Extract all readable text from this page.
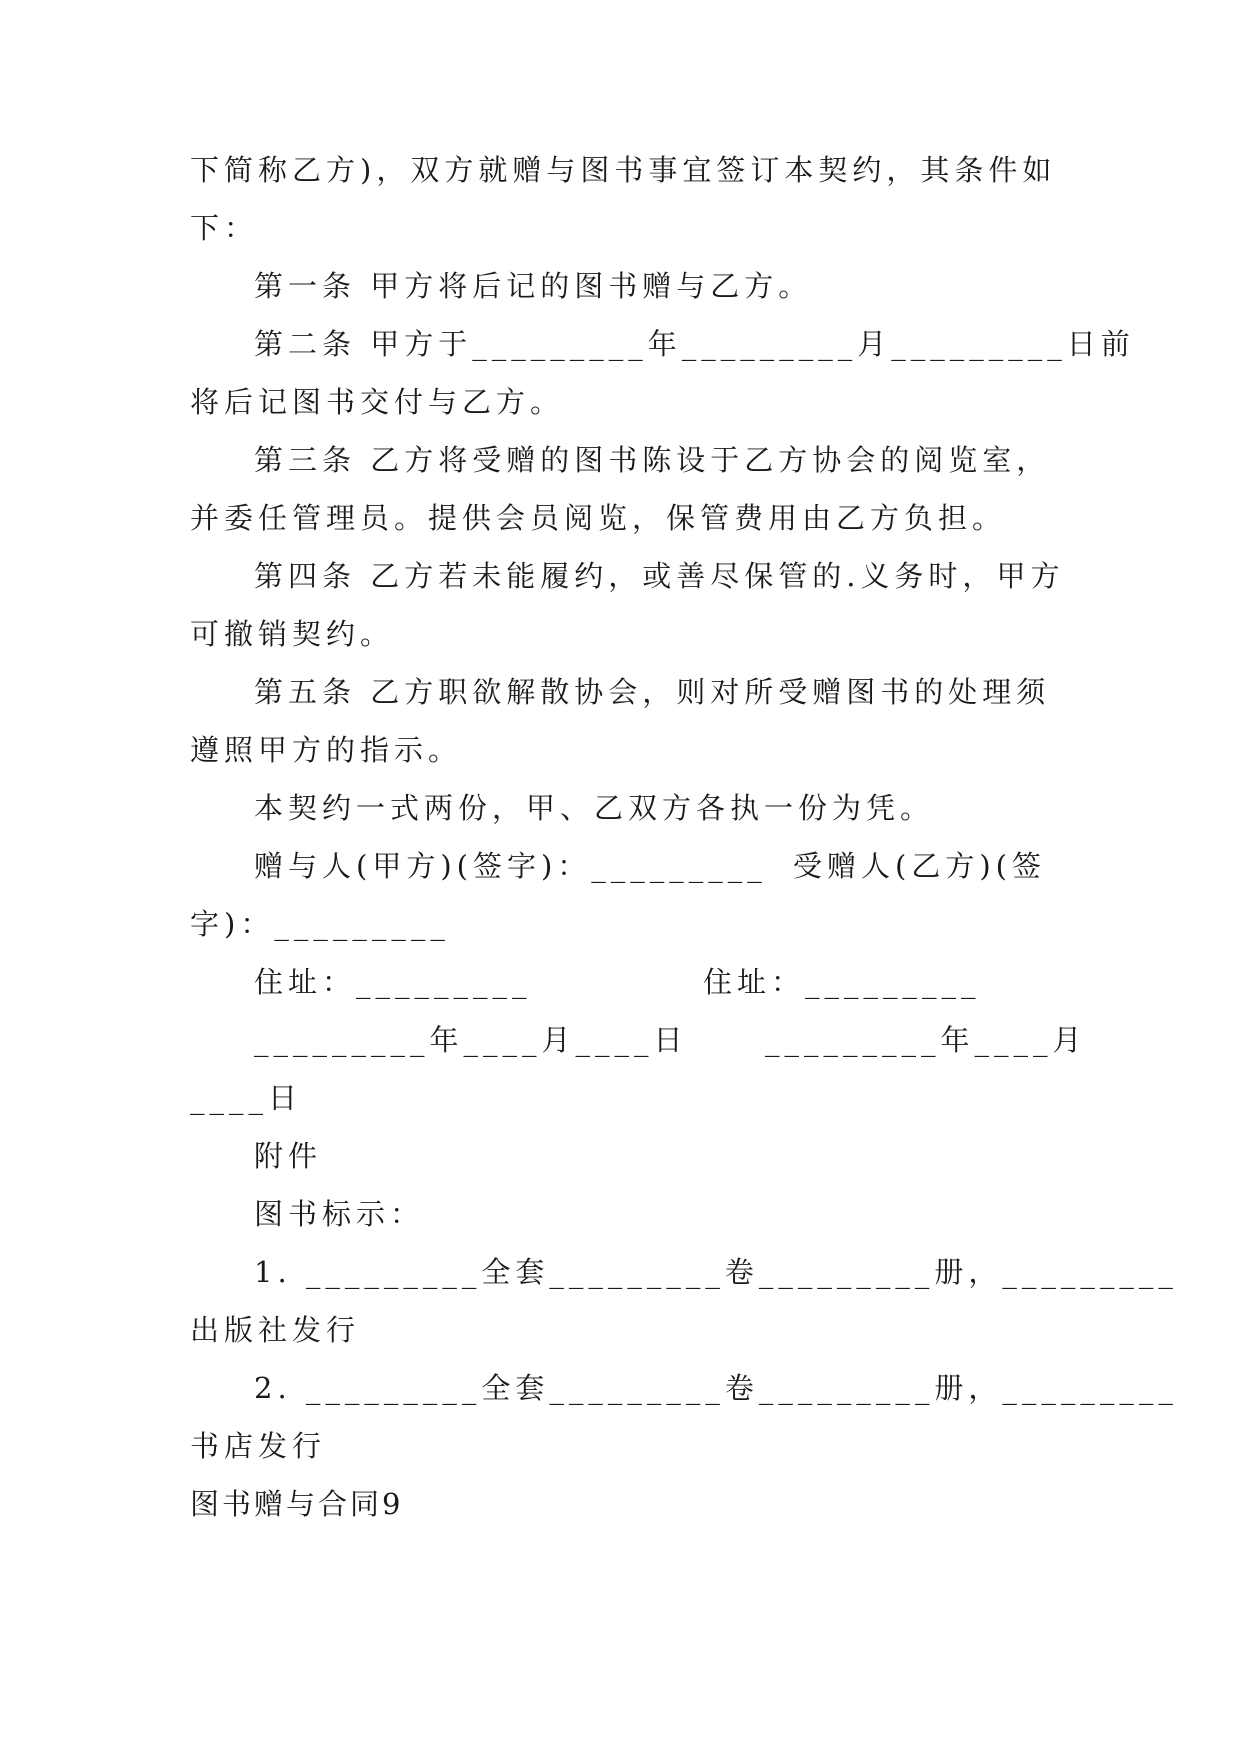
下简称乙方)，双方就赠与图书事宜签订本契约，其条件如
下：
第一条 甲方将后记的图书赠与乙方。
第二条 甲方于_________年_________月_________日前
将后记图书交付与乙方。
第三条 乙方将受赠的图书陈设于乙方协会的阅览室，
并委任管理员。提供会员阅览，保管费用由乙方负担。
第四条 乙方若未能履约，或善尽保管的.义务时，甲方
可撤销契约。
第五条 乙方职欲解散协会，则对所受赠图书的处理须
遵照甲方的指示。
本契约一式两份，甲、乙双方各执一份为凭。
赠与人(甲方)(签字)：_________ 受赠人(乙方)(签
字)：_________
住址：_________	住址：_________
_________年____月____日	_________年____月
____日
附件
图书标示：
1. _________全套_________卷_________册，_________
出版社发行
2. _________全套_________卷_________册，_________
书店发行
图书赠与合同9
